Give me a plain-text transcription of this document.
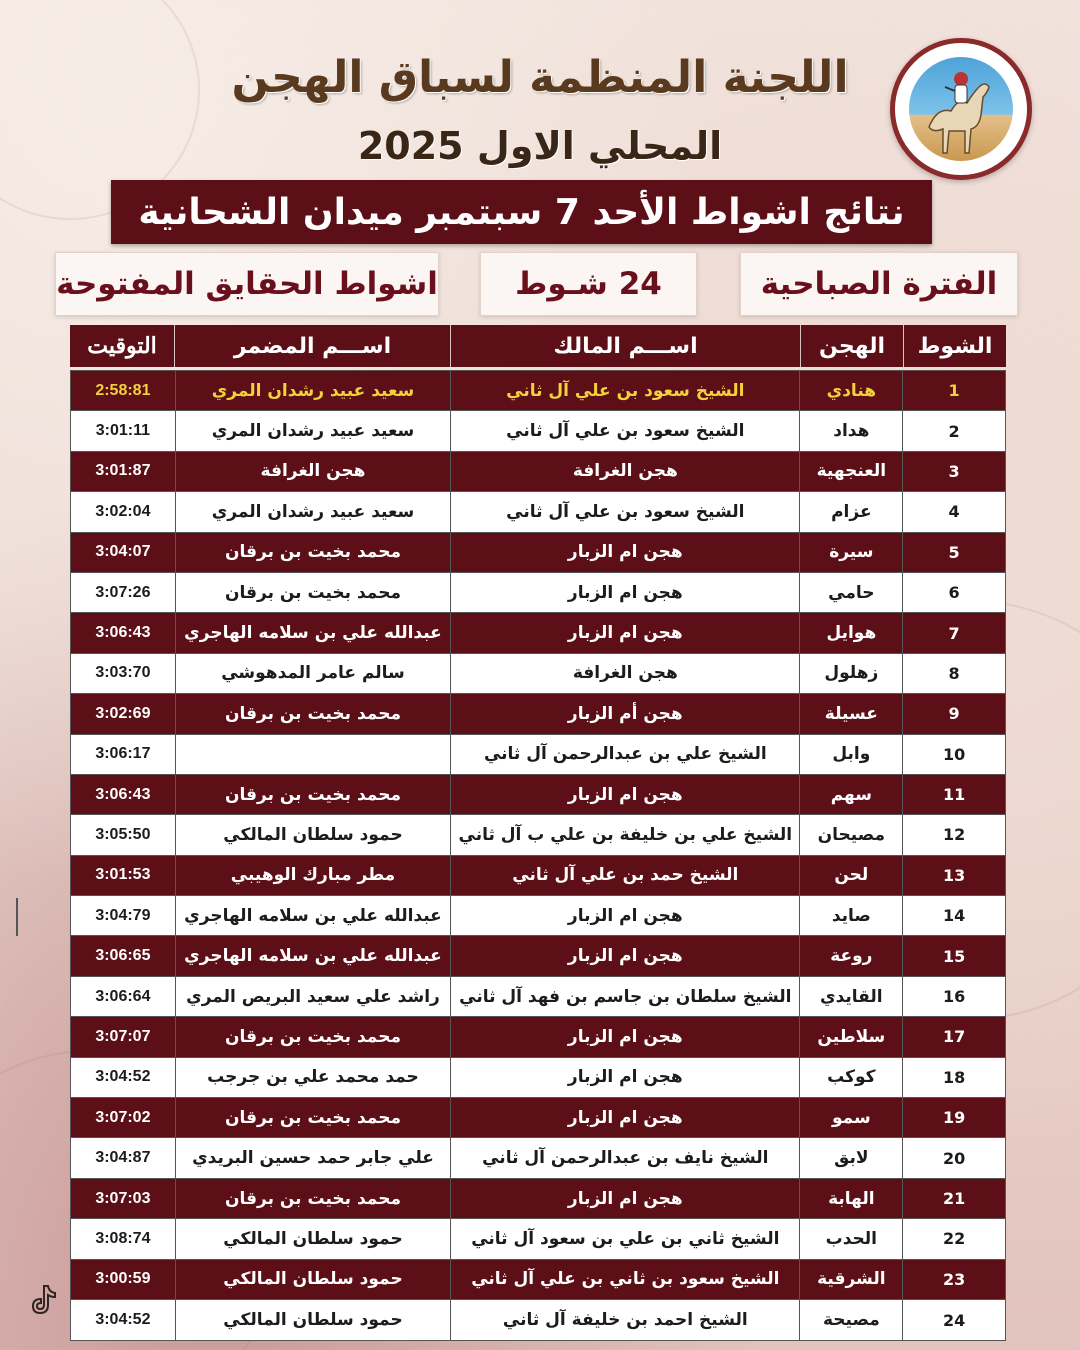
اللجنة المنظمة لسباق الهجن
المحلي الاول 2025
نتائج اشواط الأحد 7 سبتمبر ميدان الشحانية
اشواط الحقايق المفتوحة	24 شـوط	الفترة الصباحية
الشوط
الهجن
اســـم المالك
اســـم المضمر
التوقيت
1
هنادي
الشيخ سعود بن علي آل ثاني
سعيد عبيد رشدان المري
2:58:81
2
هداد
الشيخ سعود بن علي آل ثاني
سعيد عبيد رشدان المري
3:01:11
3
العنجهية
هجن الغرافة
هجن الغرافة
3:01:87
4
عزام
الشيخ سعود بن علي آل ثاني
سعيد عبيد رشدان المري
3:02:04
5
سيرة
هجن ام الزبار
محمد بخيت بن برقان
3:04:07
6
حامي
هجن ام الزبار
محمد بخيت بن برقان
3:07:26
7
هوايل
هجن ام الزبار
عبدالله علي بن سلامه الهاجري
3:06:43
8
زهلول
هجن الغرافة
سالم عامر المدهوشي
3:03:70
9
عسيلة
هجن أم الزبار
محمد بخيت بن برقان
3:02:69
10
وابل
الشيخ علي بن عبدالرحمن آل ثاني
3:06:17
11
سهم
هجن ام الزبار
محمد بخيت بن برقان
3:06:43
12
مصيحان
الشيخ علي بن خليفة بن علي ب آل ثاني
حمود سلطان المالكي
3:05:50
13
لحن
الشيخ حمد بن علي آل ثاني
مطر مبارك الوهيبي
3:01:53
14
صايد
هجن ام الزبار
عبدالله علي بن سلامه الهاجري
3:04:79
15
روعة
هجن ام الزبار
عبدالله علي بن سلامه الهاجري
3:06:65
16
القايدي
الشيخ سلطان بن جاسم بن فهد آل ثاني
راشد علي سعيد البريص المري
3:06:64
17
سلاطين
هجن ام الزبار
محمد بخيت بن برقان
3:07:07
18
كوكب
هجن ام الزبار
حمد محمد علي بن جرجب
3:04:52
19
سمو
هجن ام الزبار
محمد بخيت بن برقان
3:07:02
20
لابق
الشيخ نايف بن عبدالرحمن آل ثاني
علي جابر حمد حسين البريدي
3:04:87
21
الهابة
هجن ام الزبار
محمد بخيت بن برقان
3:07:03
22
الحدب
الشيخ ثاني بن علي بن سعود آل ثاني
حمود سلطان المالكي
3:08:74
23
الشرقية
الشيخ سعود بن ثاني بن علي آل ثاني
حمود سلطان المالكي
3:00:59
24
مصيحة
الشيخ احمد بن خليفة آل ثاني
حمود سلطان المالكي
3:04:52
